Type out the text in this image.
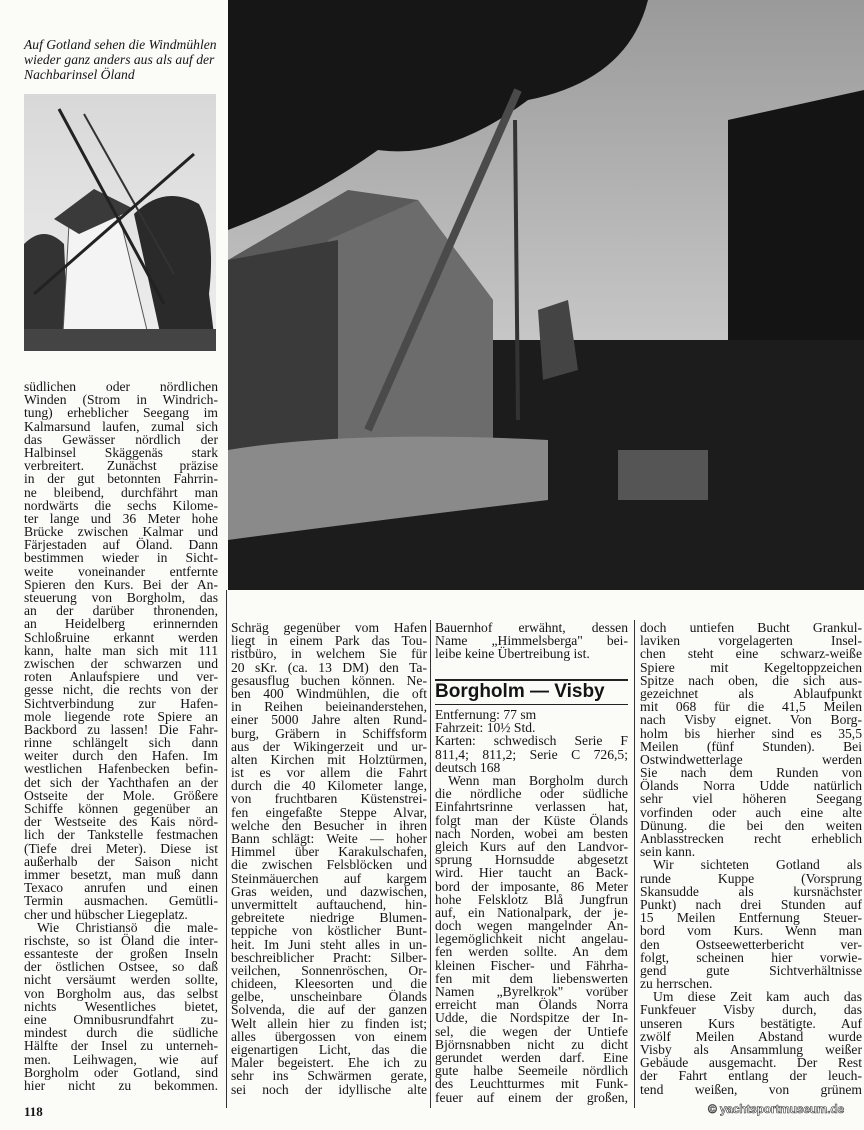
Auf Gotland sehen die Windmühlen wieder ganz anders aus als auf der Nachbarinsel Öland
südlichen oder nördlichen
Winden (Strom in Windrich-
tung) erheblicher Seegang im
Kalmarsund laufen, zumal sich
das Gewässer nördlich der
Halbinsel Skäggenäs stark
verbreitert. Zunächst präzise
in der gut betonnten Fahrrin-
ne bleibend, durchfährt man
nordwärts die sechs Kilome-
ter lange und 36 Meter hohe
Brücke zwischen Kalmar und
Färjestaden auf Öland. Dann
bestimmen wieder in Sicht-
weite voneinander entfernte
Spieren den Kurs. Bei der An-
steuerung von Borgholm, das
an der darüber thronenden,
an Heidelberg erinnernden
Schloßruine erkannt werden
kann, halte man sich mit 111
zwischen der schwarzen und
roten Anlaufspiere und ver-
gesse nicht, die rechts von der
Sichtverbindung zur Hafen-
mole liegende rote Spiere an
Backbord zu lassen! Die Fahr-
rinne schlängelt sich dann
weiter durch den Hafen. Im
westlichen Hafenbecken befin-
det sich der Yachthafen an der
Ostseite der Mole. Größere
Schiffe können gegenüber an
der Westseite des Kais nörd-
lich der Tankstelle festmachen
(Tiefe drei Meter). Diese ist
außerhalb der Saison nicht
immer besetzt, man muß dann
Texaco anrufen und einen
Termin ausmachen. Gemütli-
cher und hübscher Liegeplatz.
Wie Christiansö die male-
rischste, so ist Öland die inter-
essanteste der großen Inseln
der östlichen Ostsee, so daß
nicht versäumt werden sollte,
von Borgholm aus, das selbst
nichts Wesentliches bietet,
eine Omnibusrundfahrt zu-
mindest durch die südliche
Hälfte der Insel zu unterneh-
men. Leihwagen, wie auf
Borgholm oder Gotland, sind
hier nicht zu bekommen.
Schräg gegenüber vom Hafen
liegt in einem Park das Tou-
ristbüro, in welchem Sie für
20 sKr. (ca. 13 DM) den Ta-
gesausflug buchen können. Ne-
ben 400 Windmühlen, die oft
in Reihen beieinanderstehen,
einer 5000 Jahre alten Rund-
burg, Gräbern in Schiffsform
aus der Wikingerzeit und ur-
alten Kirchen mit Holztürmen,
ist es vor allem die Fahrt
durch die 40 Kilometer lange,
von fruchtbaren Küstenstrei-
fen eingefaßte Steppe Alvar,
welche den Besucher in ihren
Bann schlägt: Weite — hoher
Himmel über Karakulschafen,
die zwischen Felsblöcken und
Steinmäuerchen auf kargem
Gras weiden, und dazwischen,
unvermittelt auftauchend, hin-
gebreitete niedrige Blumen-
teppiche von köstlicher Bunt-
heit. Im Juni steht alles in un-
beschreiblicher Pracht: Silber-
veilchen, Sonnenröschen, Or-
chideen, Kleesorten und die
gelbe, unscheinbare Ölands
Solvenda, die auf der ganzen
Welt allein hier zu finden ist;
alles übergossen von einem
eigenartigen Licht, das die
Maler begeistert. Ehe ich zu
sehr ins Schwärmen gerate,
sei noch der idyllische alte
Bauernhof erwähnt, dessen
Name „Himmelsberga" bei-
leibe keine Übertreibung ist.
Borgholm — Visby
Entfernung: 77 sm
Fahrzeit: 10½ Std.
Karten: schwedisch Serie F
811,4; 811,2; Serie C 726,5;
deutsch 168
Wenn man Borgholm durch
die nördliche oder südliche
Einfahrtsrinne verlassen hat,
folgt man der Küste Ölands
nach Norden, wobei am besten
gleich Kurs auf den Landvor-
sprung Hornsudde abgesetzt
wird. Hier taucht an Back-
bord der imposante, 86 Meter
hohe Felsklotz Blå Jungfrun
auf, ein Nationalpark, der je-
doch wegen mangelnder An-
legemöglichkeit nicht angelau-
fen werden sollte. An dem
kleinen Fischer- und Fährha-
fen mit dem liebenswerten
Namen „Byrelkrok" vorüber
erreicht man Ölands Norra
Udde, die Nordspitze der In-
sel, die wegen der Untiefe
Björnsnabben nicht zu dicht
gerundet werden darf. Eine
gute halbe Seemeile nördlich
des Leuchtturmes mit Funk-
feuer auf einem der großen,
doch untiefen Bucht Grankul-
laviken vorgelagerten Insel-
chen steht eine schwarz-weiße
Spiere mit Kegeltoppzeichen
Spitze nach oben, die sich aus-
gezeichnet als Ablaufpunkt
mit 068 für die 41,5 Meilen
nach Visby eignet. Von Borg-
holm bis hierher sind es 35,5
Meilen (fünf Stunden). Bei
Ostwindwetterlage werden
Sie nach dem Runden von
Ölands Norra Udde natürlich
sehr viel höheren Seegang
vorfinden oder auch eine alte
Dünung. die bei den weiten
Anblasstrecken recht erheblich
sein kann.
Wir sichteten Gotland als
runde Kuppe (Vorsprung
Skansudde als kursnächster
Punkt) nach drei Stunden auf
15 Meilen Entfernung Steuer-
bord vom Kurs. Wenn man
den Ostseewetterbericht ver-
folgt, scheinen hier vorwie-
gend gute Sichtverhältnisse
zu herrschen.
Um diese Zeit kam auch das
Funkfeuer Visby durch, das
unseren Kurs bestätigte. Auf
zwölf Meilen Abstand wurde
Visby als Ansammlung weißer
Gebäude ausgemacht. Der Rest
der Fahrt entlang der leuch-
tend weißen, von grünem
118	© yachtsportmuseum.de
